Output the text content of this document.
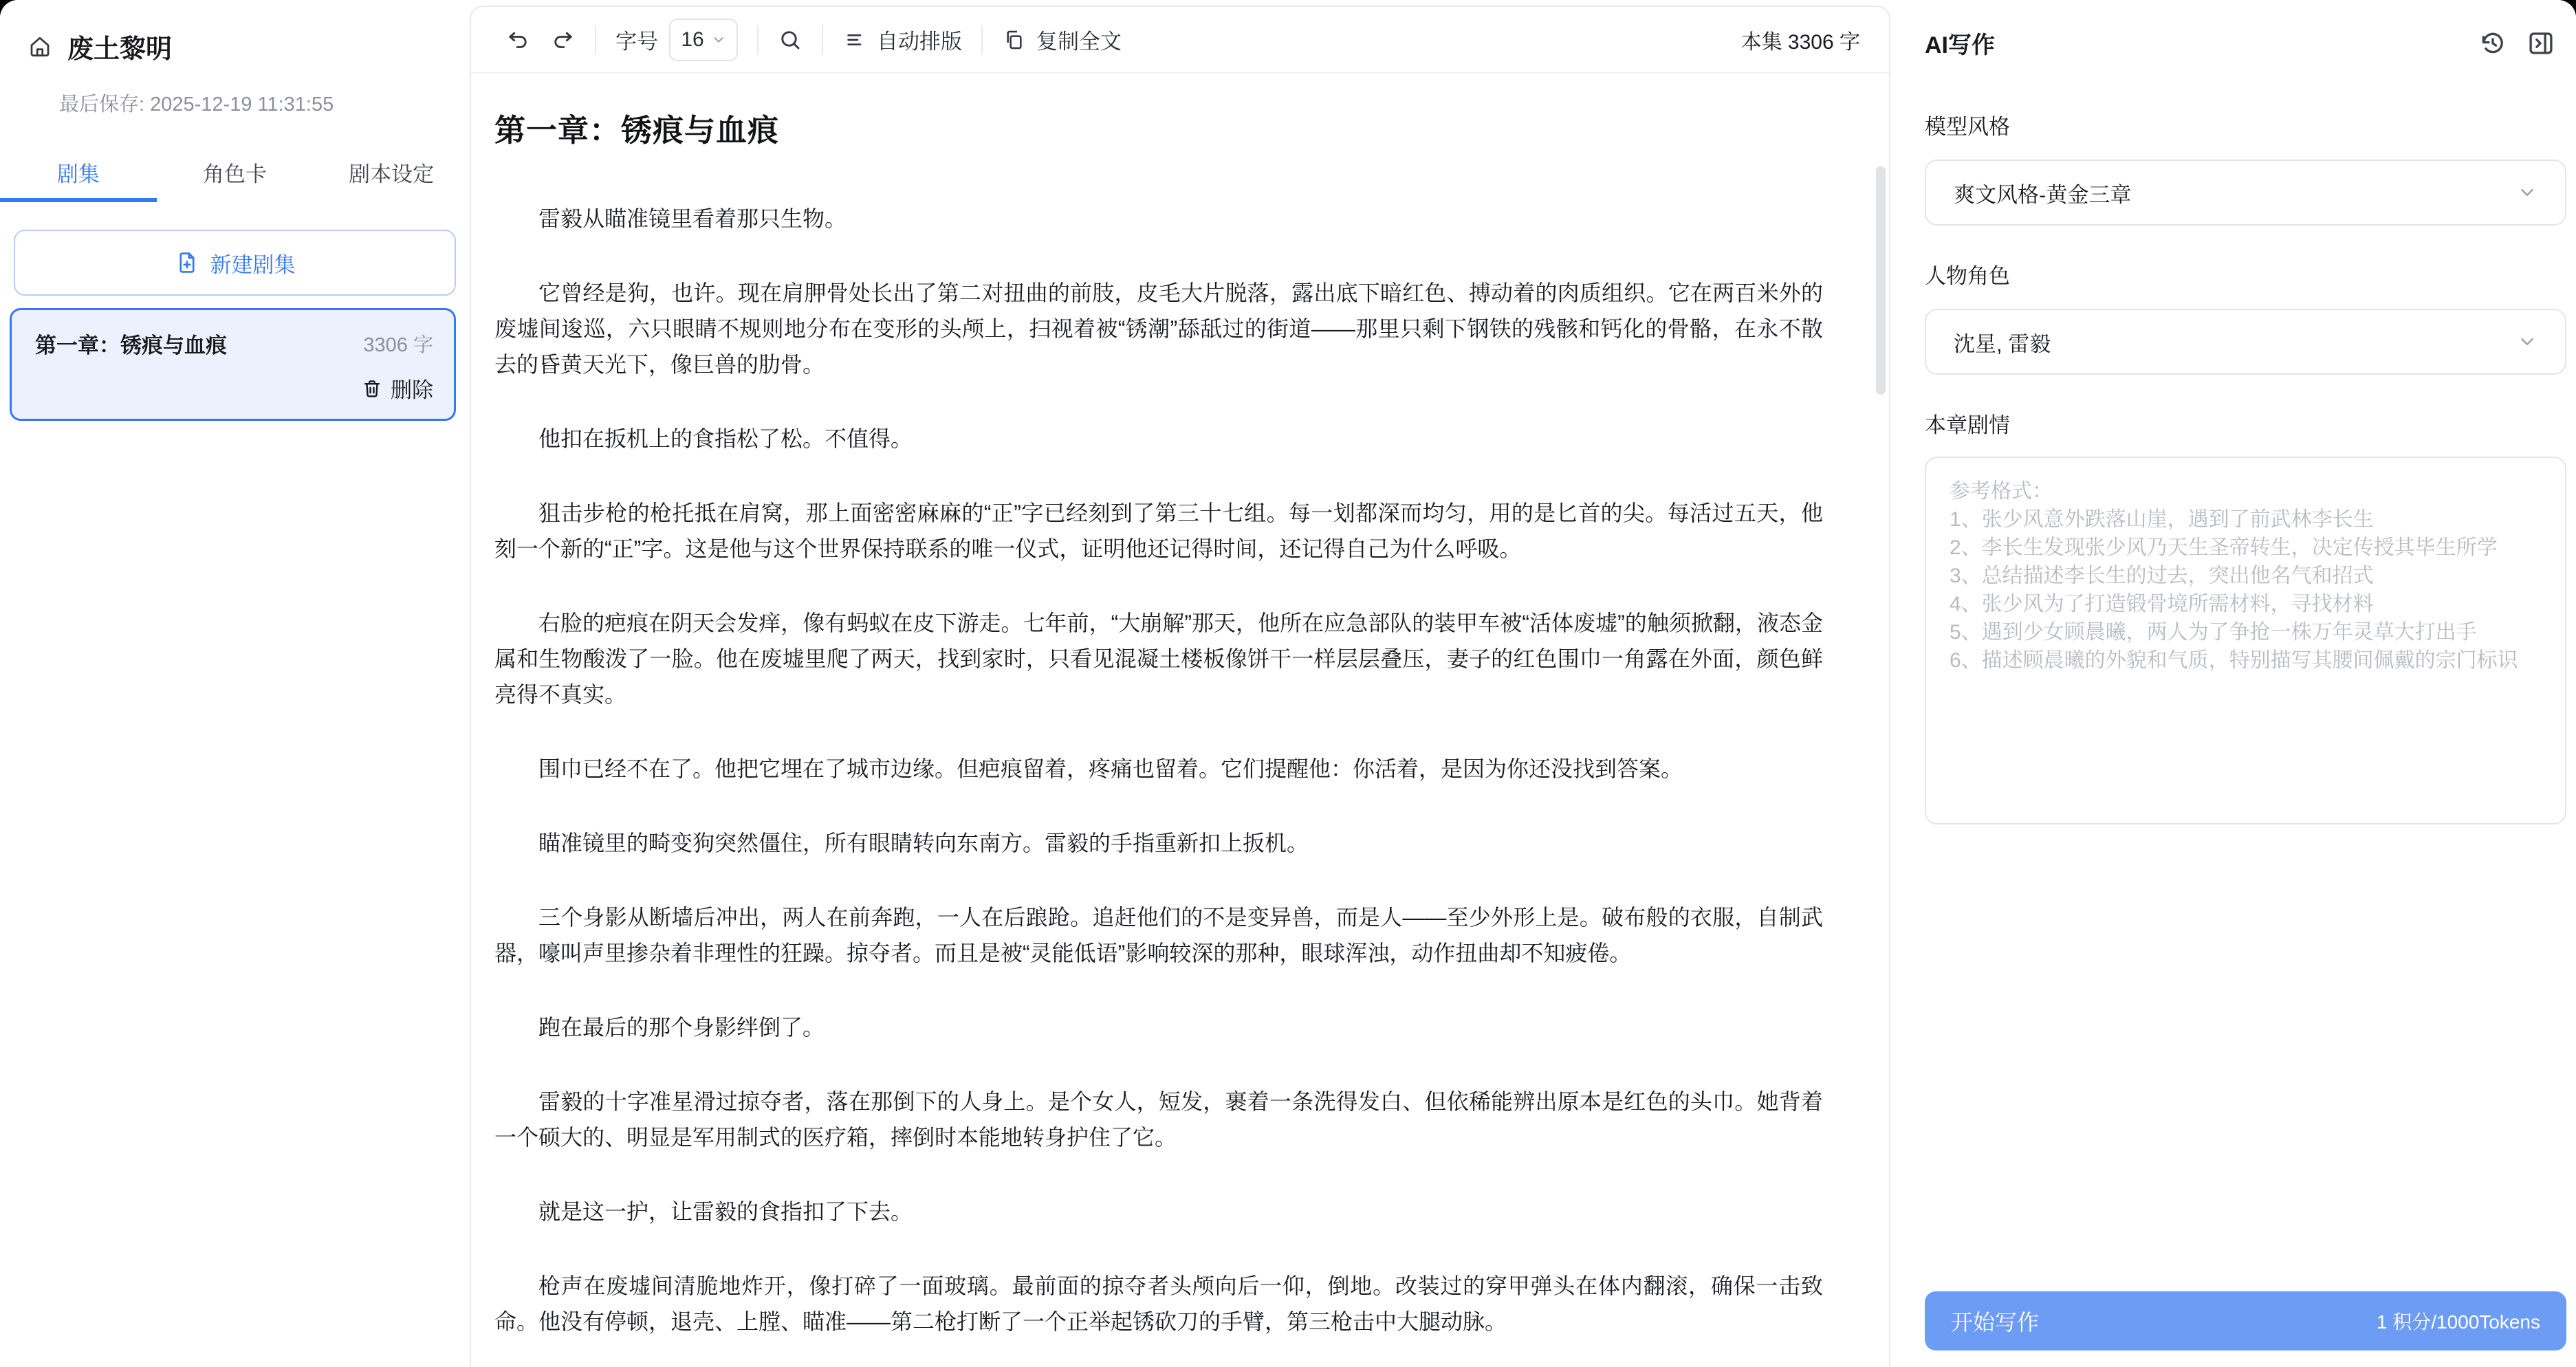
废土黎明
最后保存: 2025-12-19 11:31:55
剧集	角色卡	剧本设定
新建剧集
第一章：锈痕与血痕	3306 字
删除
字号 16	自动排版	复制全文	本集 3306 字
第一章：锈痕与血痕

雷毅从瞄准镜里看着那只生物。

它曾经是狗，也许。现在肩胛骨处长出了第二对扭曲的前肢，皮毛大片脱落，露出底下暗红色、搏动着的肉质组织。它在两百米外的废墟间逡巡，六只眼睛不规则地分布在变形的头颅上，扫视着被“锈潮”舔舐过的街道——那里只剩下钢铁的残骸和钙化的骨骼，在永不散去的昏黄天光下，像巨兽的肋骨。

他扣在扳机上的食指松了松。不值得。

狙击步枪的枪托抵在肩窝，那上面密密麻麻的“正”字已经刻到了第三十七组。每一划都深而均匀，用的是匕首的尖。每活过五天，他刻一个新的“正”字。这是他与这个世界保持联系的唯一仪式，证明他还记得时间，还记得自己为什么呼吸。

右脸的疤痕在阴天会发痒，像有蚂蚁在皮下游走。七年前，“大崩解”那天，他所在应急部队的装甲车被“活体废墟”的触须掀翻，液态金属和生物酸泼了一脸。他在废墟里爬了两天，找到家时，只看见混凝土楼板像饼干一样层层叠压，妻子的红色围巾一角露在外面，颜色鲜亮得不真实。

围巾已经不在了。他把它埋在了城市边缘。但疤痕留着，疼痛也留着。它们提醒他：你活着，是因为你还没找到答案。

瞄准镜里的畸变狗突然僵住，所有眼睛转向东南方。雷毅的手指重新扣上扳机。

三个身影从断墙后冲出，两人在前奔跑，一人在后踉跄。追赶他们的不是变异兽，而是人——至少外形上是。破布般的衣服，自制武器，嚎叫声里掺杂着非理性的狂躁。掠夺者。而且是被“灵能低语”影响较深的那种，眼球浑浊，动作扭曲却不知疲倦。

跑在最后的那个身影绊倒了。

雷毅的十字准星滑过掠夺者，落在那倒下的人身上。是个女人，短发，裹着一条洗得发白、但依稀能辨出原本是红色的头巾。她背着一个硕大的、明显是军用制式的医疗箱，摔倒时本能地转身护住了它。

就是这一护，让雷毅的食指扣了下去。

枪声在废墟间清脆地炸开，像打碎了一面玻璃。最前面的掠夺者头颅向后一仰，倒地。改装过的穿甲弹头在体内翻滚，确保一击致命。他没有停顿，退壳、上膛、瞄准——第二枪打断了一个正举起锈砍刀的手臂，第三枪击中大腿动脉。

AI写作
模型风格
爽文风格-黄金三章
人物角色
沈星, 雷毅
本章剧情
参考格式： 1、张少风意外跌落山崖，遇到了前武林李长生 2、李长生发现张少风乃天生圣帝转生，决定传授其毕生所学 3、总结描述李长生的过去，突出他名气和招式 4、张少风为了打造锻骨境所需材料，寻找材料 5、遇到少女顾晨曦，两人为了争抢一株万年灵草大打出手 6、描述顾晨曦的外貌和气质，特别描写其腰间佩戴的宗门标识
开始写作	1 积分/1000Tokens
